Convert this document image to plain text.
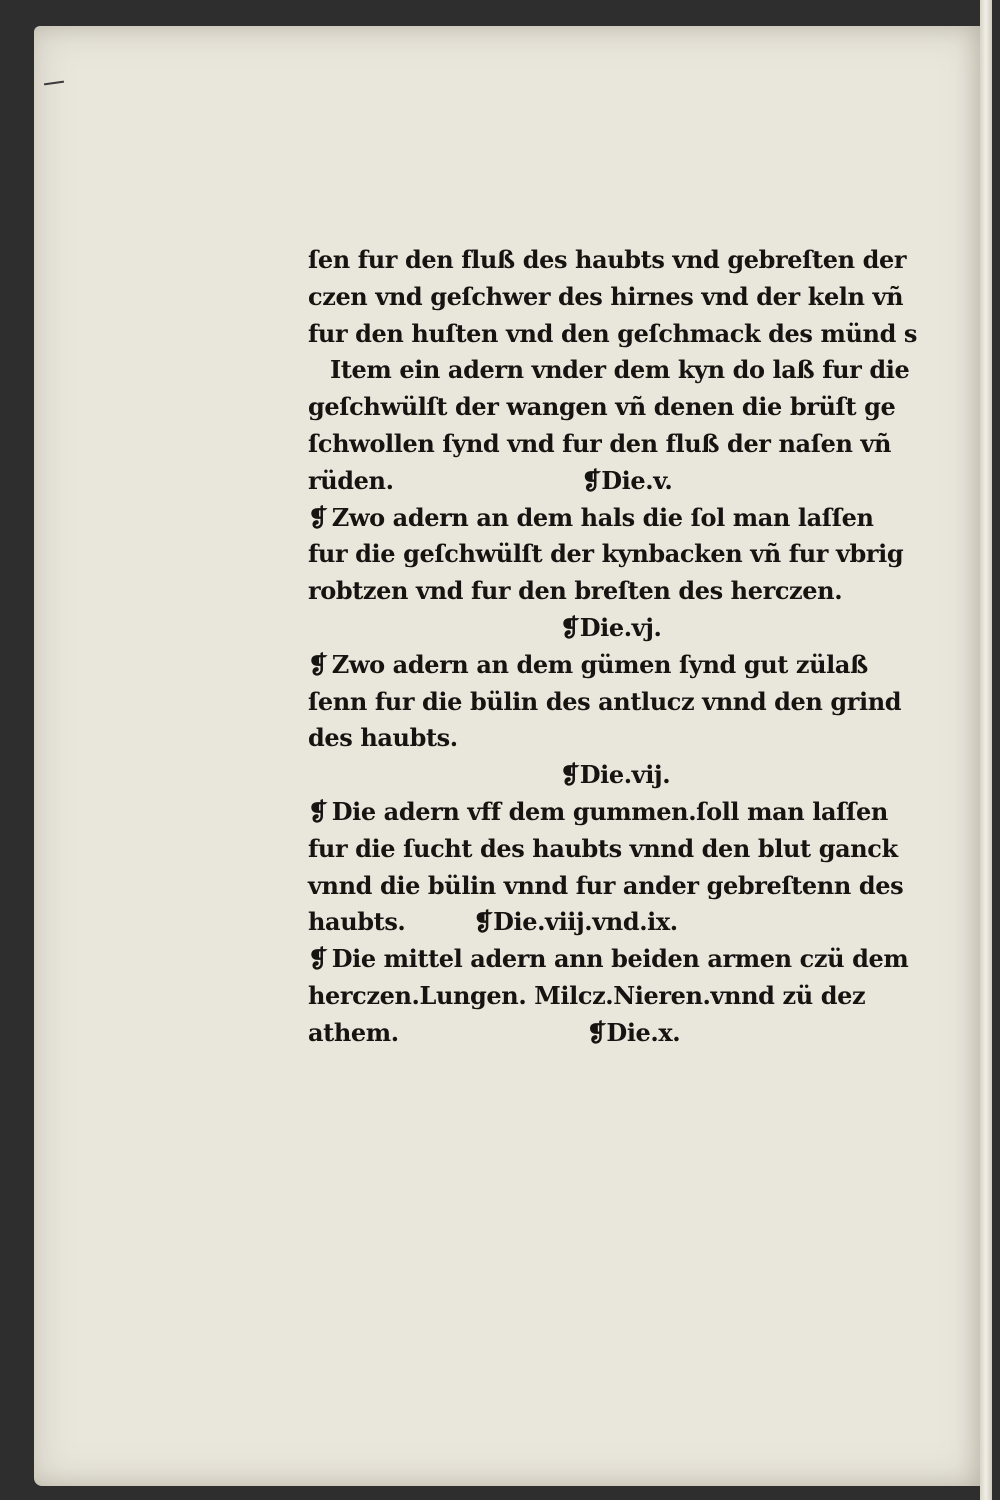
ſen fur den fluß des haubts vnd gebreſten der
czen vnd geſchwer des hirnes vnd der keln vñ
fur den huſten vnd den geſchmack des münd s
Item ein adern vnder dem kyn do laß fur die
geſchwülſt der wangen vñ denen die brüſt ge
ſchwollen ſynd vnd fur den fluß der naſen vñ
rüden.	❡Die.v.
❡ Zwo adern an dem hals die ſol man laſſen
fur die geſchwülſt der kynbacken vñ fur vbrig
robtzen vnd fur den breſten des herczen.
❡Die.vj.
❡ Zwo adern an dem gümen ſynd gut zülaß
ſenn fur die bülin des antlucz vnnd den grind
des haubts.
❡Die.vij.
❡ Die adern vff dem gummen.ſoll man laſſen
fur die ſucht des haubts vnnd den blut ganck
vnnd die bülin vnnd fur ander gebreſtenn des
haubts.	❡Die.viij.vnd.ix.
❡ Die mittel adern ann beiden armen czü dem
herczen.Lungen. Milcz.Nieren.vnnd zü dez
athem.	❡Die.x.
